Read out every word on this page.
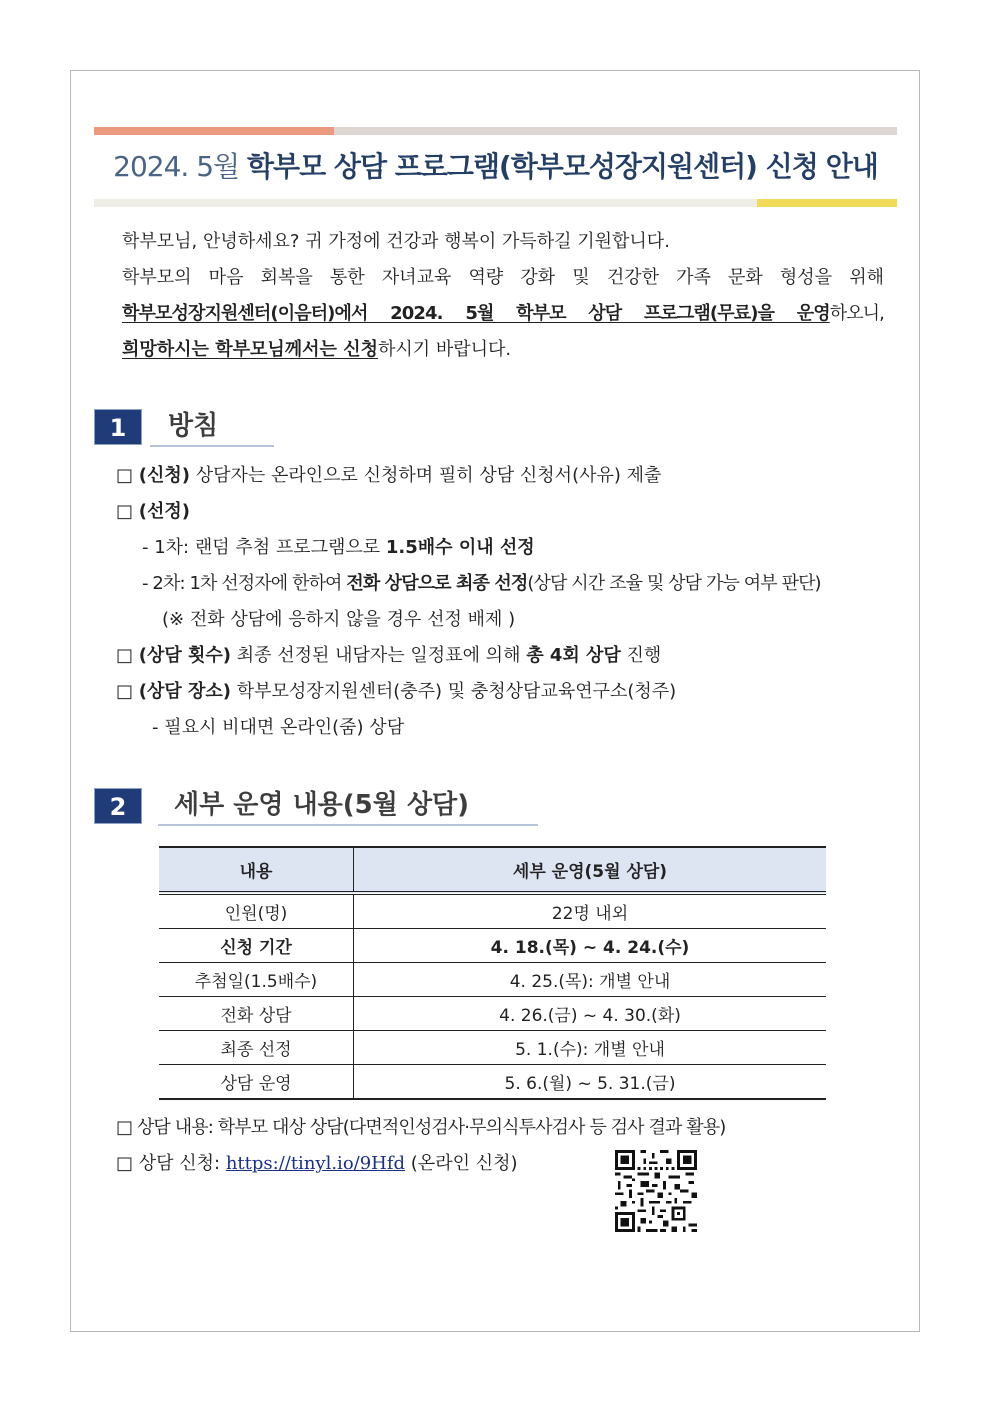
2024. 5월 학부모 상담 프로그램(학부모성장지원센터) 신청 안내
학부모님, 안녕하세요? 귀 가정에 건강과 행복이 가득하길 기원합니다.
학부모의 마음 회복을 통한 자녀교육 역량 강화 및 건강한 가족 문화 형성을 위해
학부모성장지원센터(이음터)에서 2024. 5월 학부모 상담 프로그램(무료)을 운영하오니,
희망하시는 학부모님께서는 신청하시기 바랍니다.
1	방침
□ (신청) 상담자는 온라인으로 신청하며 필히 상담 신청서(사유) 제출
□ (선정)
- 1차: 랜덤 추첨 프로그램으로 1.5배수 이내 선정
- 2차: 1차 선정자에 한하여 전화 상담으로 최종 선정(상담 시간 조율 및 상담 가능 여부 판단)
(※ 전화 상담에 응하지 않을 경우 선정 배제 )
□ (상담 횟수) 최종 선정된 내담자는 일정표에 의해 총 4회 상담 진행
□ (상담 장소) 학부모성장지원센터(충주) 및 충청상담교육연구소(청주)
- 필요시 비대면 온라인(줌) 상담
2	세부 운영 내용(5월 상담)
내용	세부 운영(5월 상담)
인원(명)	22명 내외
신청 기간	4. 18.(목) ~ 4. 24.(수)
추첨일(1.5배수)	4. 25.(목): 개별 안내
전화 상담	4. 26.(금) ~ 4. 30.(화)
최종 선정	5. 1.(수): 개별 안내
상담 운영	5. 6.(월) ~ 5. 31.(금)
□ 상담 내용: 학부모 대상 상담(다면적인성검사·무의식투사검사 등 검사 결과 활용)
□ 상담 신청: https://tinyl.io/9Hfd (온라인 신청)
